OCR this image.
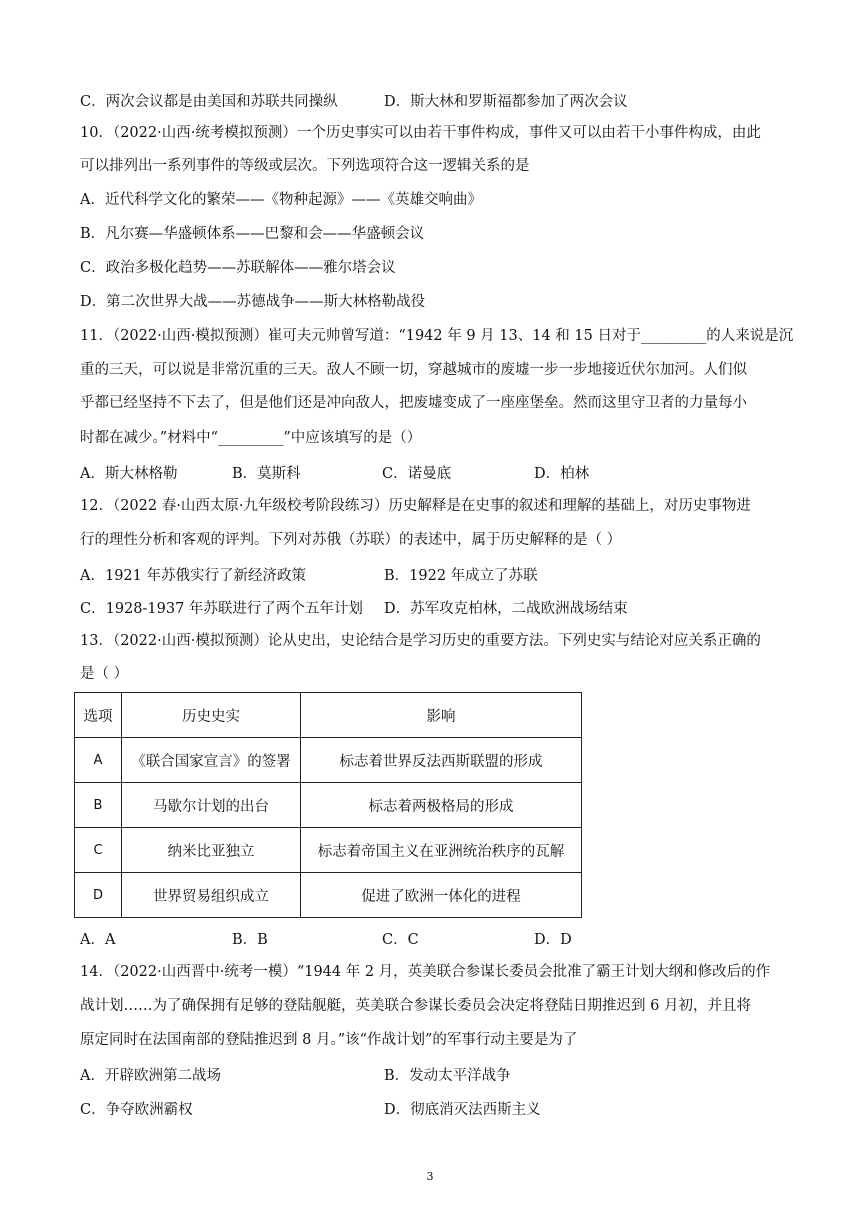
C．两次会议都是由美国和苏联共同操纵	D．斯大林和罗斯福都参加了两次会议
10．（2022·山西·统考模拟预测）一个历史事实可以由若干事件构成，事件又可以由若干小事件构成，由此
可以排列出一系列事件的等级或层次。下列选项符合这一逻辑关系的是
A．近代科学文化的繁荣——《物种起源》——《英雄交响曲》
B．凡尔赛—华盛顿体系——巴黎和会——华盛顿会议
C．政治多极化趋势——苏联解体——雅尔塔会议
D．第二次世界大战——苏德战争——斯大林格勒战役
11．（2022·山西·模拟预测）崔可夫元帅曾写道：“1942 年 9 月 13、14 和 15 日对于_________的人来说是沉
重的三天，可以说是非常沉重的三天。敌人不顾一切，穿越城市的废墟一步一步地接近伏尔加河。人们似
乎都已经坚持不下去了，但是他们还是冲向敌人，把废墟变成了一座座堡垒。然而这里守卫者的力量每小
时都在减少。”材料中“_________”中应该填写的是（）
A．斯大林格勒	B．莫斯科	C．诺曼底	D．柏林
12．（2022 春·山西太原·九年级校考阶段练习）历史解释是在史事的叙述和理解的基础上，对历史事物进
行的理性分析和客观的评判。下列对苏俄（苏联）的表述中，属于历史解释的是（ ）
A．1921 年苏俄实行了新经济政策	B．1922 年成立了苏联
C．1928-1937 年苏联进行了两个五年计划 D．苏军攻克柏林，二战欧洲战场结束
13．（2022·山西·模拟预测）论从史出，史论结合是学习历史的重要方法。下列史实与结论对应关系正确的
是（ ）
选项	历史史实	影响
A	《联合国家宣言》的签署	标志着世界反法西斯联盟的形成
B	马歇尔计划的出台	标志着两极格局的形成
C	纳米比亚独立	标志着帝国主义在亚洲统治秩序的瓦解
D	世界贸易组织成立	促进了欧洲一体化的进程
A．A	B．B	C．C	D．D
14．（2022·山西晋中·统考一模）“1944 年 2 月，英美联合参谋长委员会批准了霸王计划大纲和修改后的作
战计划……为了确保拥有足够的登陆舰艇，英美联合参谋长委员会决定将登陆日期推迟到 6 月初，并且将
原定同时在法国南部的登陆推迟到 8 月。”该“作战计划”的军事行动主要是为了
A．开辟欧洲第二战场	B．发动太平洋战争
C．争夺欧洲霸权	D．彻底消灭法西斯主义
3
